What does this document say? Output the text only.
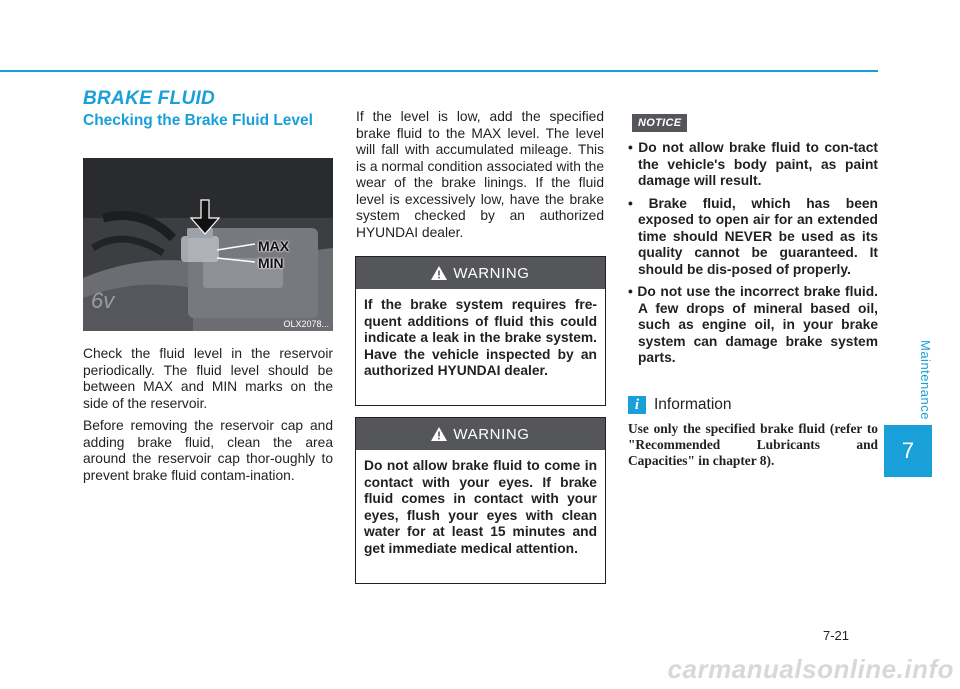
BRAKE FLUID
Checking the Brake Fluid Level
6v
MAX
MIN
OLX2078...

Check the fluid level in the reservoir periodically. The fluid level should be between MAX and MIN marks on the side of the reservoir.

Before removing the reservoir cap and adding brake fluid, clean the area around the reservoir cap thor-oughly to prevent brake fluid contam-ination.

If the level is low, add the specified brake fluid to the MAX level. The level will fall with accumulated mileage. This is a normal condition associated with the wear of the brake linings. If the fluid level is excessively low, have the brake system checked by an authorized HYUNDAI dealer.

WARNING
If the brake system requires fre-quent additions of fluid this could indicate a leak in the brake system. Have the vehicle inspected by an authorized HYUNDAI dealer.
WARNING
Do not allow brake fluid to come in contact with your eyes. If brake fluid comes in contact with your eyes, flush your eyes with clean water for at least 15 minutes and get immediate medical attention.
NOTICE
• Do not allow brake fluid to con-tact the vehicle's body paint, as paint damage will result.
• Brake fluid, which has been exposed to open air for an extended time should NEVER be used as its quality cannot be guaranteed. It should be dis-posed of properly.
• Do not use the incorrect brake fluid. A few drops of mineral based oil, such as engine oil, in your brake system can damage brake system parts.
i Information
Use only the specified brake fluid (refer to "Recommended Lubricants and Capacities" in chapter 8).
Maintenance
7
7-21
carmanualsonline.info
